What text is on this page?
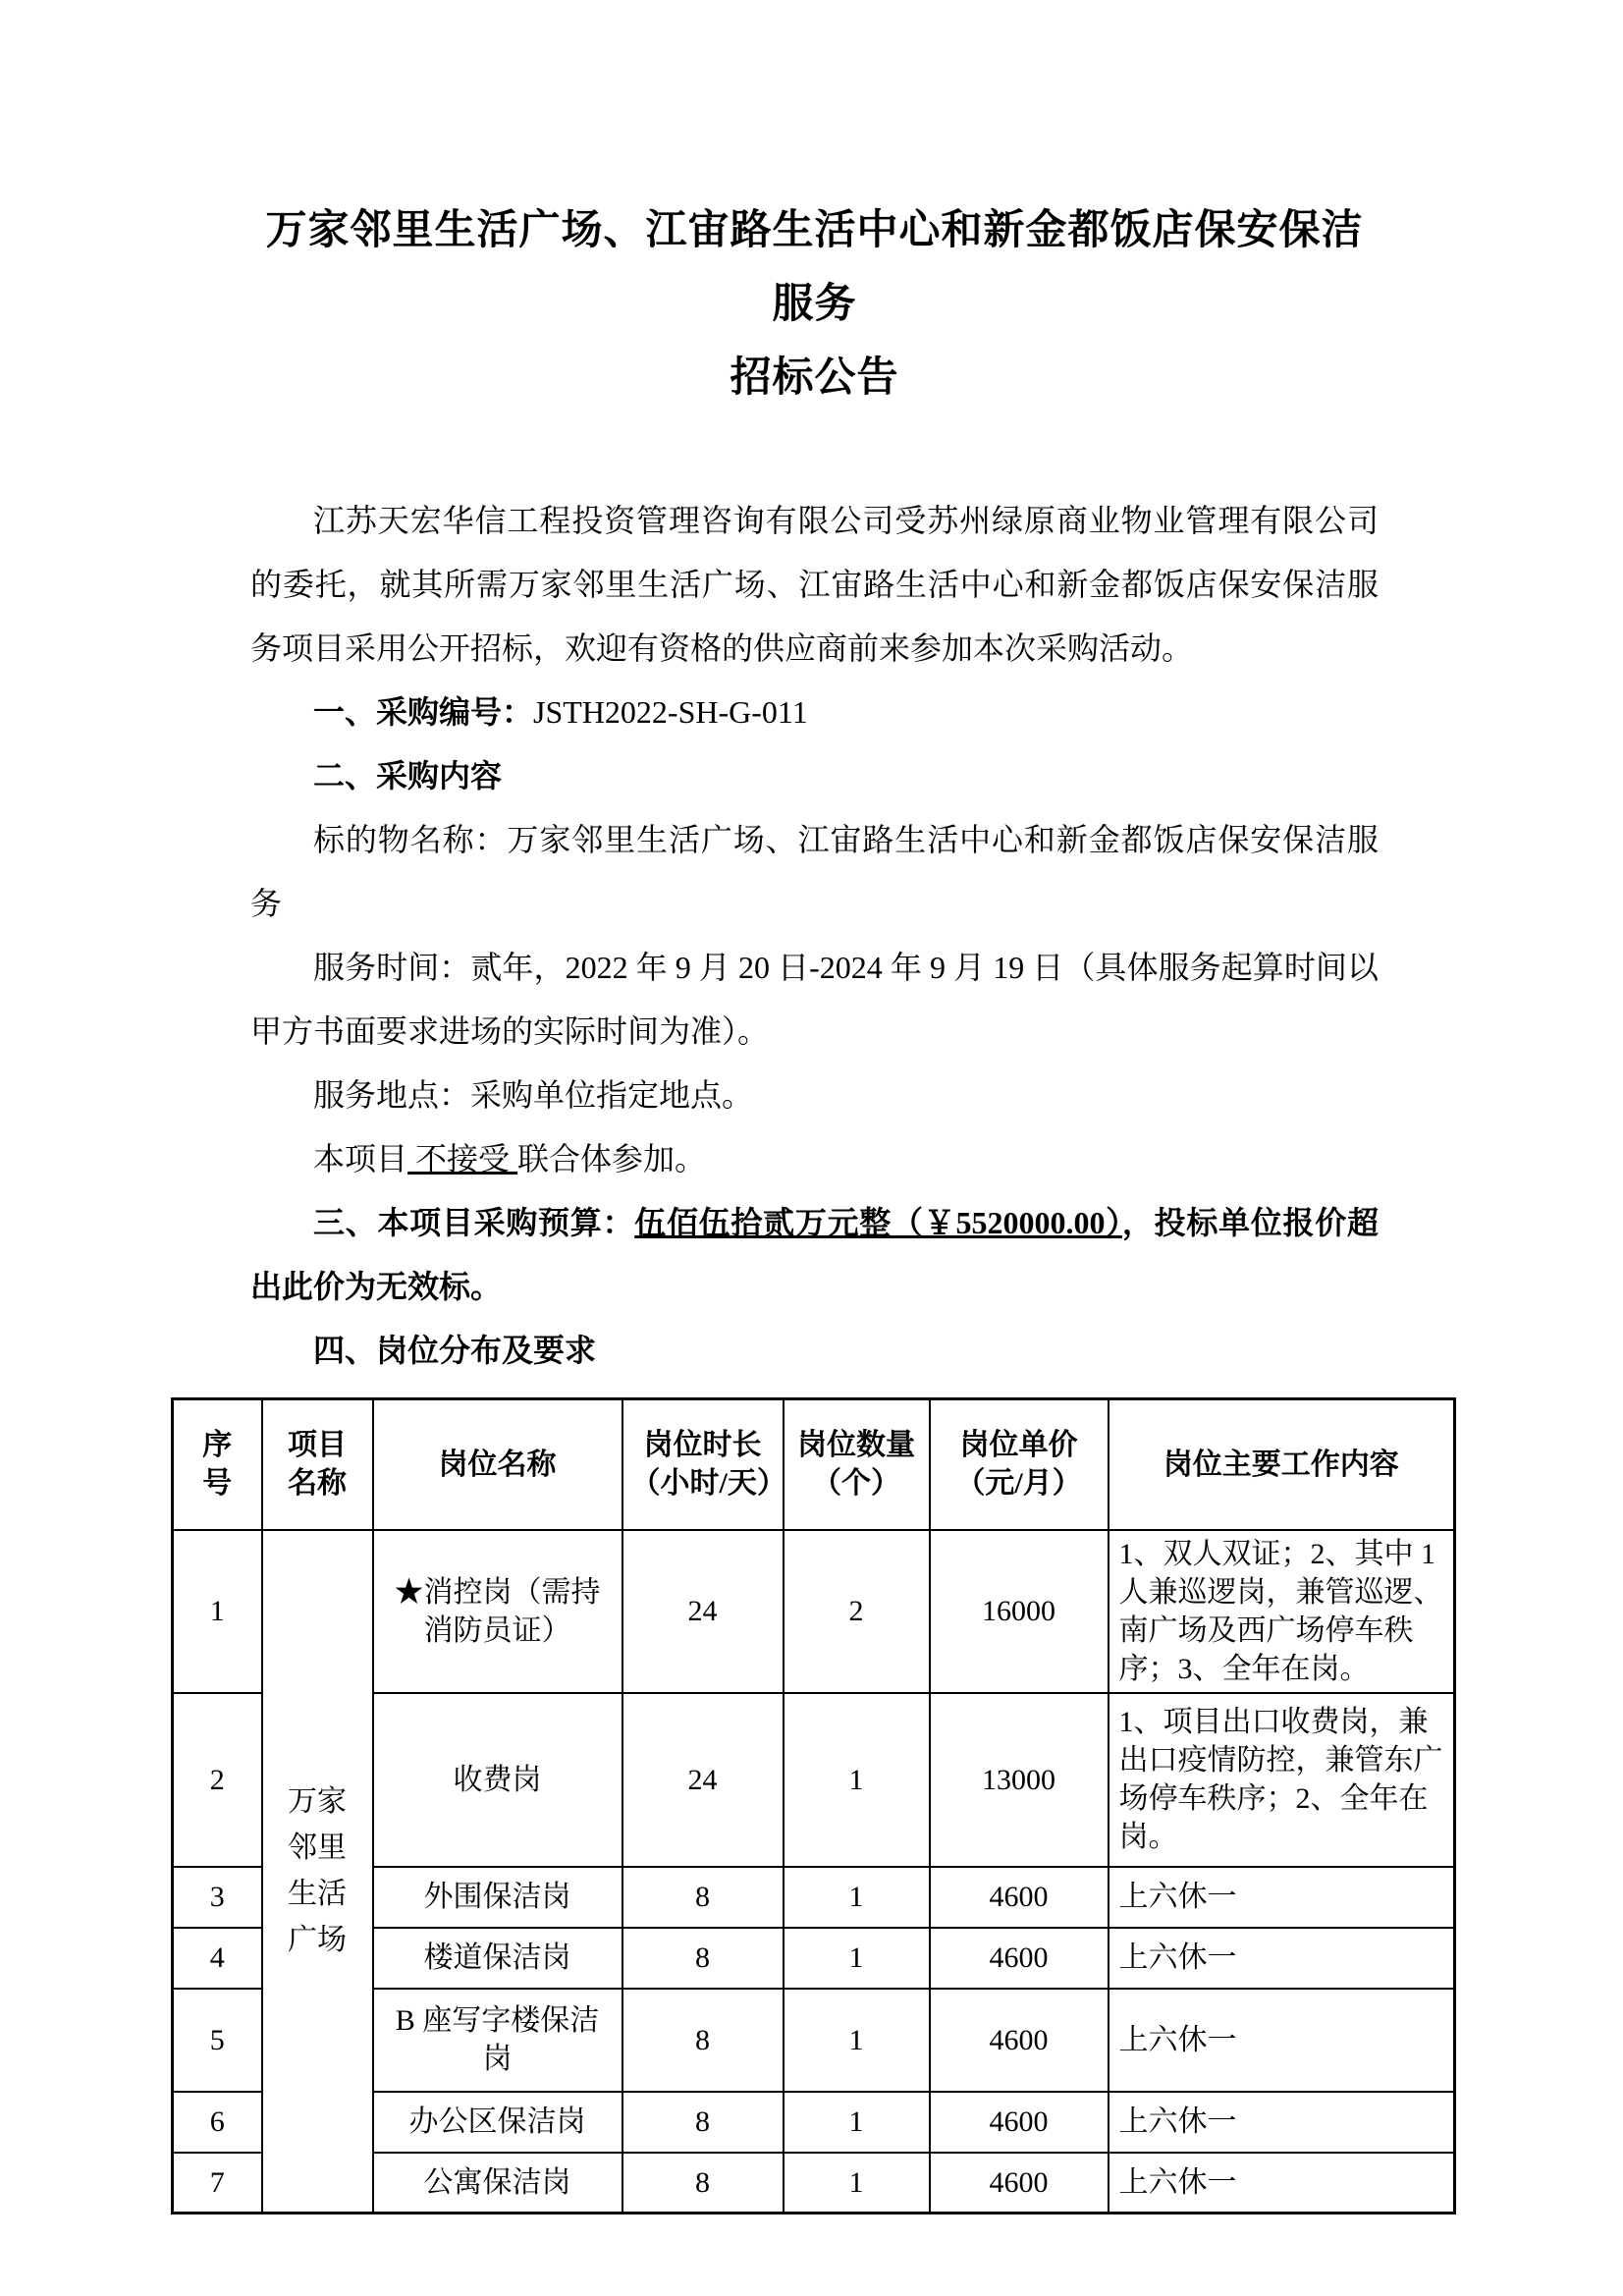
万家邻里生活广场、江宙路生活中心和新金都饭店保安保洁服务
招标公告

江苏天宏华信工程投资管理咨询有限公司受苏州绿原商业物业管理有限公司的委托，就其所需万家邻里生活广场、江宙路生活中心和新金都饭店保安保洁服务项目采用公开招标，欢迎有资格的供应商前来参加本次采购活动。

一、采购编号：JSTH2022-SH-G-011

二、采购内容

标的物名称：万家邻里生活广场、江宙路生活中心和新金都饭店保安保洁服务

服务时间：贰年，2022 年 9 月 20 日-2024 年 9 月 19 日（具体服务起算时间以甲方书面要求进场的实际时间为准）。

服务地点：采购单位指定地点。

本项目 不接受 联合体参加。

三、本项目采购预算：伍佰伍拾贰万元整（￥5520000.00），投标单位报价超出此价为无效标。

四、岗位分布及要求

序号	项目名称	岗位名称	岗位时长（小时/天）	岗位数量（个）	岗位单价（元/月）	岗位主要工作内容
1	万家邻里生活广场	★消控岗（需持消防员证）	24	2	16000	1、双人双证；2、其中 1 人兼巡逻岗，兼管巡逻、南广场及西广场停车秩序；3、全年在岗。
2		收费岗	24	1	13000	1、项目出口收费岗，兼出口疫情防控，兼管东广场停车秩序；2、全年在岗。
3		外围保洁岗	8	1	4600	上六休一
4		楼道保洁岗	8	1	4600	上六休一
5		B 座写字楼保洁岗	8	1	4600	上六休一
6		办公区保洁岗	8	1	4600	上六休一
7		公寓保洁岗	8	1	4600	上六休一
